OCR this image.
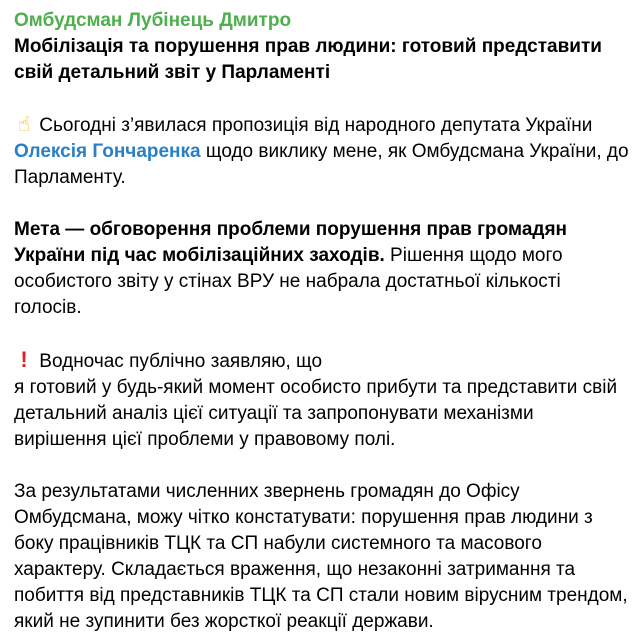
Омбудсман Лубінець Дмитро
Мобілізація та порушення прав людини: готовий представити свій детальний звіт у Парламенті

☝ Сьогодні з’явилася пропозиція від народного депутата України Олексія Гончаренка щодо виклику мене, як Омбудсмана України, до Парламенту.

Мета — обговорення проблеми порушення прав громадян України під час мобілізаційних заходів. Рішення щодо мого особистого звіту у стінах ВРУ не набрала достатньої кількості голосів.

! Водночас публічно заявляю, що
я готовий у будь-який момент особисто прибути та представити свій детальний аналіз цієї ситуації та запропонувати механізми вирішення цієї проблеми у правовому полі.

За результатами численних звернень громадян до Офісу Омбудсмана, можу чітко констатувати: порушення прав людини з боку працівників ТЦК та СП набули системного та масового характеру. Складається враження, що незаконні затримання та побиття від представників ТЦК та СП стали новим вірусним трендом, який не зупинити без жорсткої реакції держави.
